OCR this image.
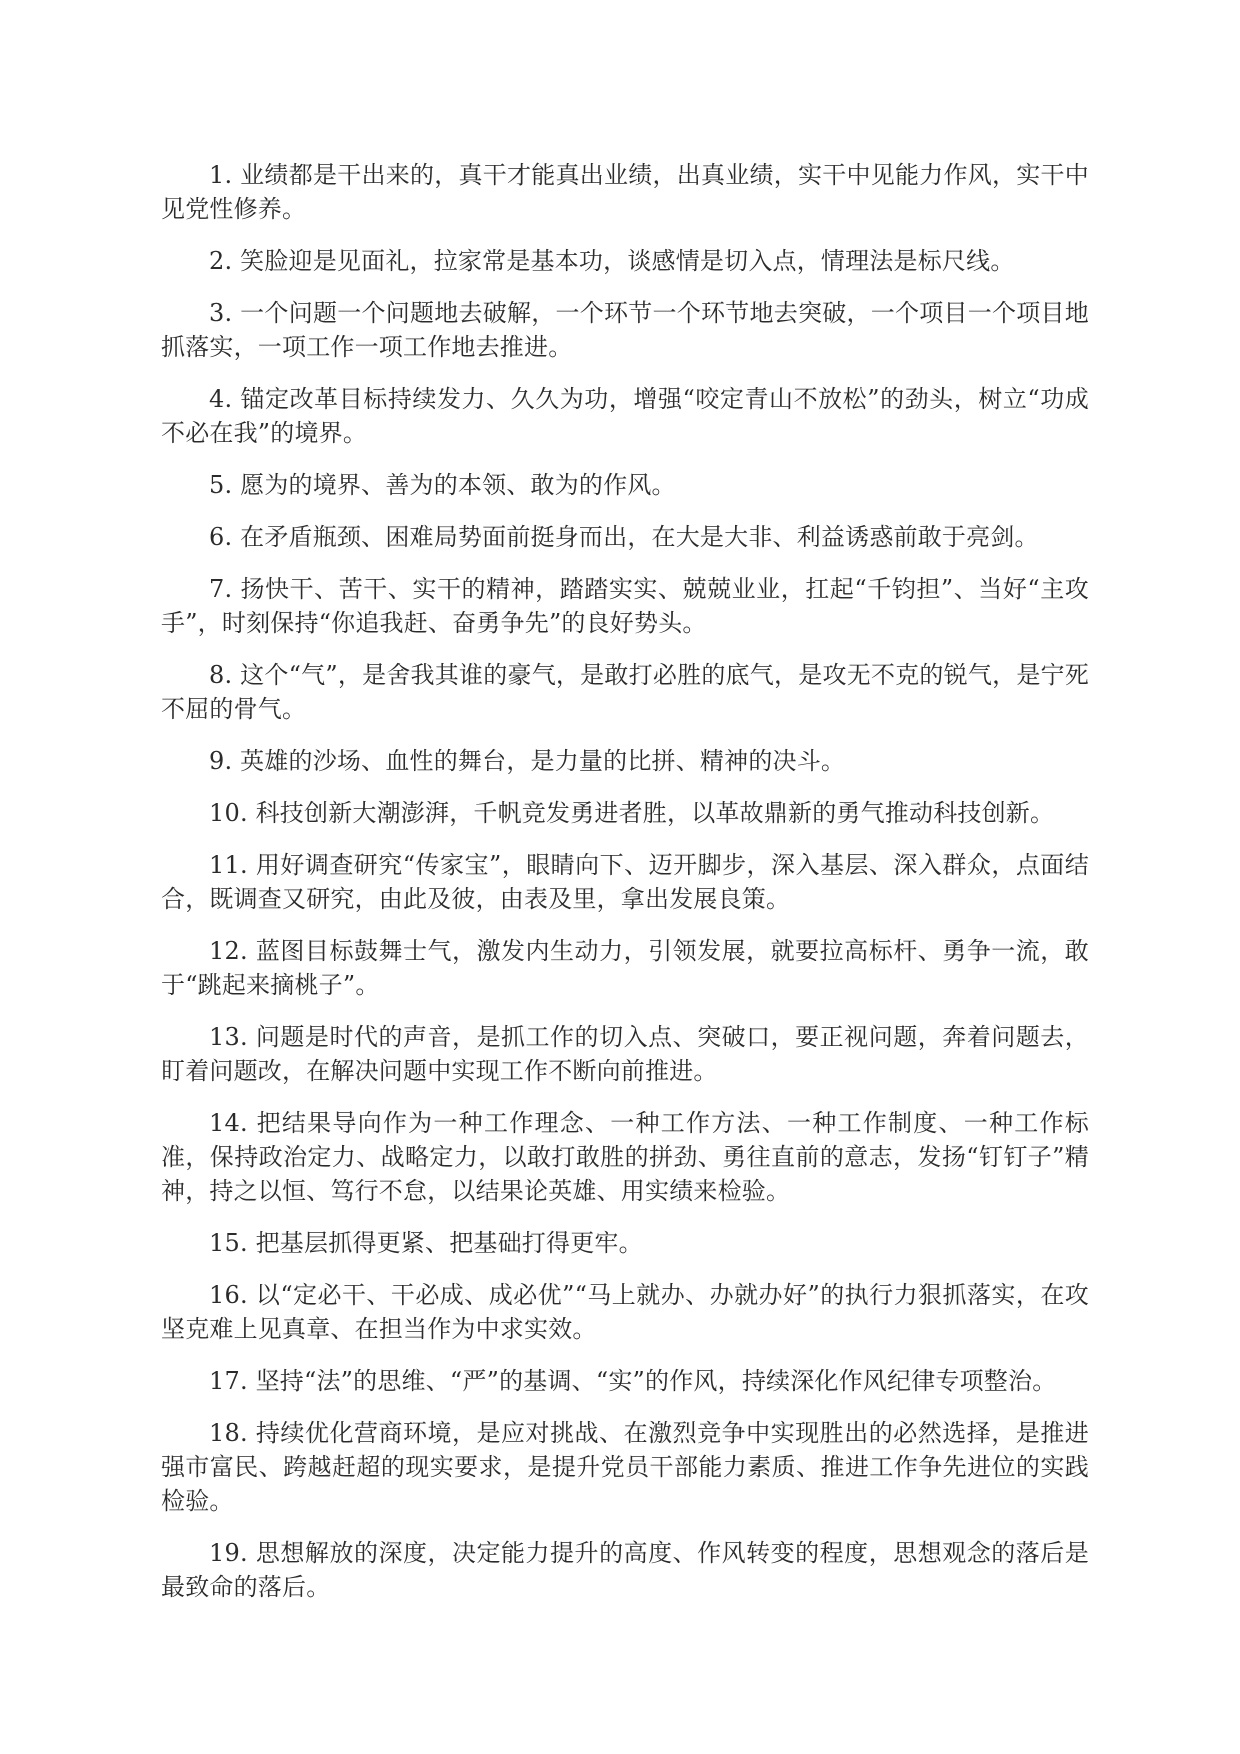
1. 业绩都是干出来的，真干才能真出业绩，出真业绩，实干中见能力作风，实干中见党性修养。

2. 笑脸迎是见面礼，拉家常是基本功，谈感情是切入点，情理法是标尺线。

3. 一个问题一个问题地去破解，一个环节一个环节地去突破，一个项目一个项目地抓落实，一项工作一项工作地去推进。

4. 锚定改革目标持续发力、久久为功，增强“咬定青山不放松”的劲头，树立“功成不必在我”的境界。

5. 愿为的境界、善为的本领、敢为的作风。

6. 在矛盾瓶颈、困难局势面前挺身而出，在大是大非、利益诱惑前敢于亮剑。

7. 扬快干、苦干、实干的精神，踏踏实实、兢兢业业，扛起“千钧担”、当好“主攻手”，时刻保持“你追我赶、奋勇争先”的良好势头。

8. 这个“气”，是舍我其谁的豪气，是敢打必胜的底气，是攻无不克的锐气，是宁死不屈的骨气。

9. 英雄的沙场、血性的舞台，是力量的比拼、精神的决斗。

10. 科技创新大潮澎湃，千帆竞发勇进者胜，以革故鼎新的勇气推动科技创新。

11. 用好调查研究“传家宝”，眼睛向下、迈开脚步，深入基层、深入群众，点面结合，既调查又研究，由此及彼，由表及里，拿出发展良策。

12. 蓝图目标鼓舞士气，激发内生动力，引领发展，就要拉高标杆、勇争一流，敢于“跳起来摘桃子”。

13. 问题是时代的声音，是抓工作的切入点、突破口，要正视问题，奔着问题去，盯着问题改，在解决问题中实现工作不断向前推进。

14. 把结果导向作为一种工作理念、一种工作方法、一种工作制度、一种工作标准，保持政治定力、战略定力，以敢打敢胜的拼劲、勇往直前的意志，发扬“钉钉子”精神，持之以恒、笃行不怠，以结果论英雄、用实绩来检验。

15. 把基层抓得更紧、把基础打得更牢。

16. 以“定必干、干必成、成必优”“马上就办、办就办好”的执行力狠抓落实，在攻坚克难上见真章、在担当作为中求实效。

17. 坚持“法”的思维、“严”的基调、“实”的作风，持续深化作风纪律专项整治。

18. 持续优化营商环境，是应对挑战、在激烈竞争中实现胜出的必然选择，是推进强市富民、跨越赶超的现实要求，是提升党员干部能力素质、推进工作争先进位的实践检验。

19. 思想解放的深度，决定能力提升的高度、作风转变的程度，思想观念的落后是最致命的落后。
